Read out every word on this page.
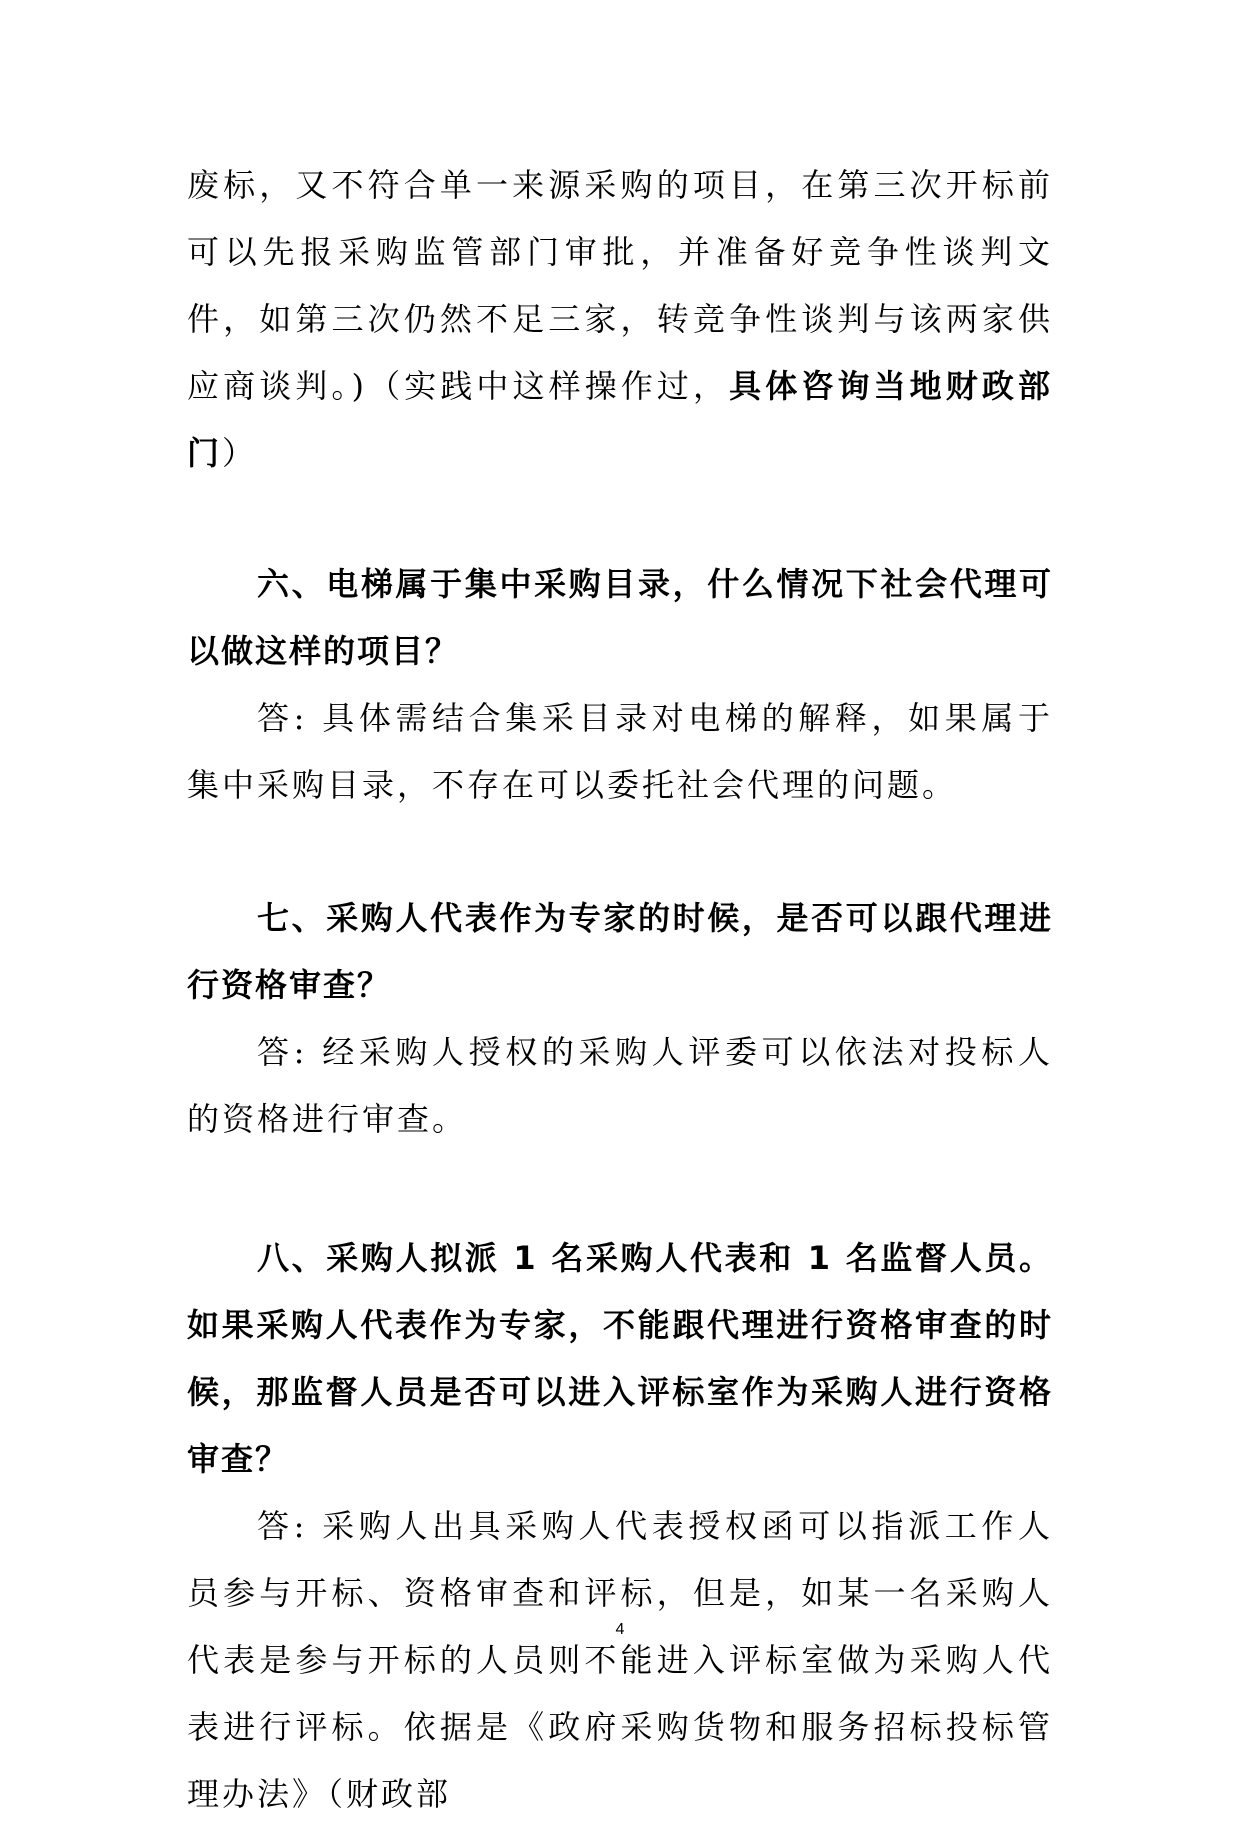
废标，又不符合单一来源采购的项目，在第三次开标前可以先报采购监管部门审批，并准备好竞争性谈判文件，如第三次仍然不足三家，转竞争性谈判与该两家供应商谈判。)（实践中这样操作过，具体咨询当地财政部门）

六、电梯属于集中采购目录，什么情况下社会代理可以做这样的项目？

答: 具体需结合集采目录对电梯的解释，如果属于集中采购目录，不存在可以委托社会代理的问题。

七、采购人代表作为专家的时候，是否可以跟代理进行资格审查？

答: 经采购人授权的采购人评委可以依法对投标人的资格进行审查。

八、采购人拟派 1 名采购人代表和 1 名监督人员。如果采购人代表作为专家，不能跟代理进行资格审查的时候，那监督人员是否可以进入评标室作为采购人进行资格审查？

答: 采购人出具采购人代表授权函可以指派工作人员参与开标、资格审查和评标，但是，如某一名采购人代表是参与开标的人员则不能进入评标室做为采购人代表进行评标。依据是《政府采购货物和服务招标投标管理办法》（财政部

4
